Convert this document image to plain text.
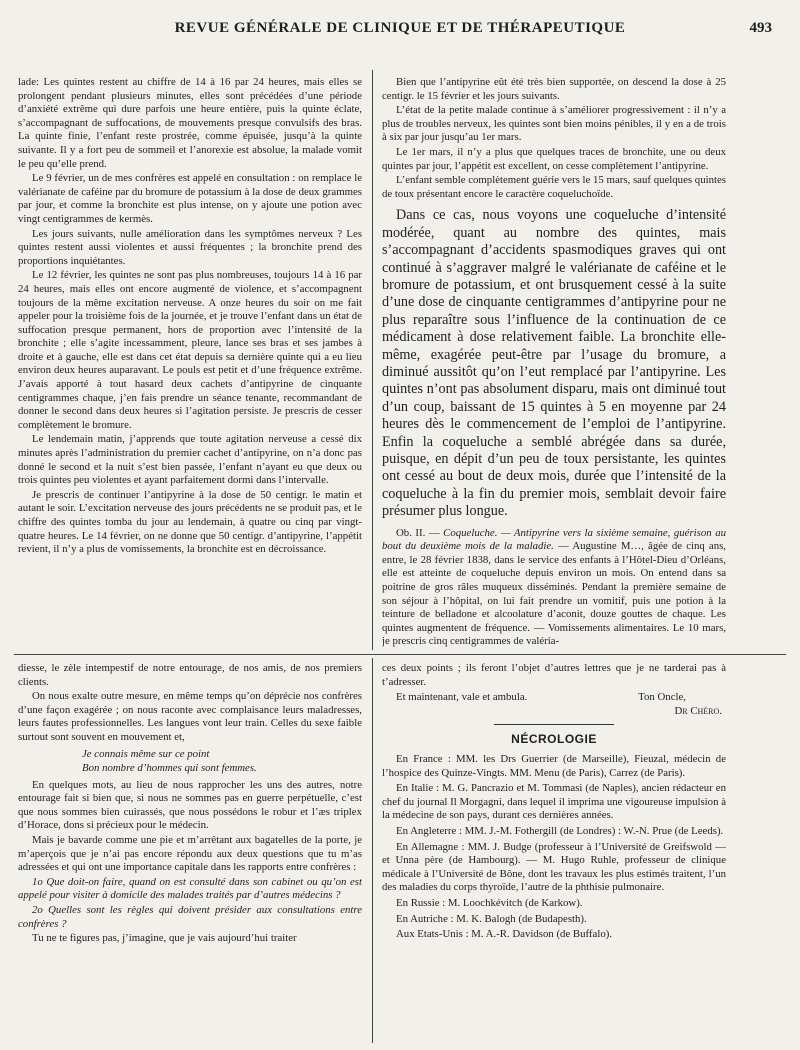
REVUE GÉNÉRALE DE CLINIQUE ET DE THÉRAPEUTIQUE	493

lade: Les quintes restent au chiffre de 14 à 16 par 24 heures, mais elles se prolongent pendant plusieurs minutes, elles sont précédées d’une période d’anxiété extrême qui dure parfois une heure entière, puis la quinte éclate, s’accompagnant de suffocations, de mouvements presque convulsifs des bras. La quinte finie, l’enfant reste prostrée, comme épuisée, jusqu’à la quinte suivante. Il y a fort peu de sommeil et l’anorexie est absolue, la malade vomit le peu qu’elle prend.

Le 9 février, un de mes confrères est appelé en consultation : on remplace le valérianate de caféine par du bromure de potassium à la dose de deux grammes par jour, et comme la bronchite est plus intense, on y ajoute une potion avec vingt centigrammes de kermès.

Les jours suivants, nulle amélioration dans les symptômes nerveux ? Les quintes restent aussi violentes et aussi fréquentes ; la bronchite prend des proportions inquiétantes.

Le 12 février, les quintes ne sont pas plus nombreuses, toujours 14 à 16 par 24 heures, mais elles ont encore augmenté de violence, et s’accompagnent toujours de la même excitation nerveuse. A onze heures du soir on me fait appeler pour la troisième fois de la journée, et je trouve l’enfant dans un état de suffocation presque permanent, hors de proportion avec l’intensité de la bronchite ; elle s’agite incessamment, pleure, lance ses bras et ses jambes à droite et à gauche, elle est dans cet état depuis sa dernière quinte qui a eu lieu environ deux heures auparavant. Le pouls est petit et d’une fréquence extrême. J’avais apporté à tout hasard deux cachets d’antipyrine de cinquante centigrammes chaque, j’en fais prendre un séance tenante, recommandant de donner le second dans deux heures si l’agitation persiste. Je prescris de cesser complètement le bromure.

Le lendemain matin, j’apprends que toute agitation nerveuse a cessé dix minutes après l’administration du premier cachet d’antipyrine, on n’a donc pas donné le second et la nuit s’est bien passée, l’enfant n’ayant eu que deux ou trois quintes peu violentes et ayant parfaitement dormi dans l’intervalle.

Je prescris de continuer l’antipyrine à la dose de 50 centigr. le matin et autant le soir. L’excitation nerveuse des jours précédents ne se produit pas, et le chiffre des quintes tomba du jour au lendemain, à quatre ou cinq par vingt-quatre heures. Le 14 février, on ne donne que 50 centigr. d’antipyrine, l’appétit revient, il n’y a plus de vomissements, la bronchite est en décroissance.

Bien que l’antipyrine eût été très bien supportée, on descend la dose à 25 centigr. le 15 février et les jours suivants.

L’état de la petite malade continue à s’améliorer progressivement : il n’y a plus de troubles nerveux, les quintes sont bien moins pénibles, il y en a de trois à six par jour jusqu’au 1er mars.

Le 1er mars, il n’y a plus que quelques traces de bronchite, une ou deux quintes par jour, l’appétit est excellent, on cesse complètement l’antipyrine.

L’enfant semble complètement guérie vers le 15 mars, sauf quelques quintes de toux présentant encore le caractère coqueluchoïde.

Dans ce cas, nous voyons une coqueluche d’intensité modérée, quant au nombre des quintes, mais s’accompagnant d’accidents spasmodiques graves qui ont continué à s’aggraver malgré le valérianate de caféine et le bromure de potassium, et ont brusquement cessé à la suite d’une dose de cinquante centigrammes d’antipyrine pour ne plus reparaître sous l’influence de la continuation de ce médicament à dose relativement faible. La bronchite elle-même, exagérée peut-être par l’usage du bromure, a diminué aussitôt qu’on l’eut remplacé par l’antipyrine. Les quintes n’ont pas absolument disparu, mais ont diminué tout d’un coup, baissant de 15 quintes à 5 en moyenne par 24 heures dès le commencement de l’emploi de l’antipyrine. Enfin la coqueluche a semblé abrégée dans sa durée, puisque, en dépit d’un peu de toux persistante, les quintes ont cessé au bout de deux mois, durée que l’intensité de la coqueluche à la fin du premier mois, semblait devoir faire présumer plus longue.

Ob. II. — Coqueluche. — Antipyrine vers la sixième semaine, guérison au bout du deuxième mois de la maladie. — Augustine M…, âgée de cinq ans, entre, le 28 février 1838, dans le service des enfants à l’Hôtel-Dieu d’Orléans, elle est atteinte de coqueluche depuis environ un mois. On entend dans sa poitrine de gros râles muqueux disséminés. Pendant la première semaine de son séjour à l’hôpital, on lui fait prendre un vomitif, puis une potion à la teinture de belladone et alcoolature d’aconit, douze gouttes de chaque. Les quintes augmentent de fréquence. — Vomissements alimentaires. Le 10 mars, je prescris cinq centigrammes de valéria-

diesse, le zèle intempestif de notre entourage, de nos amis, de nos premiers clients.

On nous exalte outre mesure, en même temps qu’on déprécie nos confrères d’une façon exagérée ; on nous raconte avec complaisance leurs maladresses, leurs fautes professionnelles. Les langues vont leur train. Celles du sexe faible surtout sont souvent en mouvement et,

Je connais même sur ce point
Bon nombre d’hommes qui sont femmes.

En quelques mots, au lieu de nous rapprocher les uns des autres, notre entourage fait si bien que, si nous ne sommes pas en guerre perpétuelle, c’est que nous sommes bien cuirassés, que nous possédons le robur et l’æs triplex d’Horace, dons si précieux pour le médecin.

Mais je bavarde comme une pie et m’arrêtant aux bagatelles de la porte, je m’aperçois que je n’ai pas encore répondu aux deux questions que tu m’as adressées et qui ont une importance capitale dans les rapports entre confrères :

1o Que doit-on faire, quand on est consulté dans son cabinet ou qu’on est appelé pour visiter à domicile des malades traités par d’autres médecins ?

2o Quelles sont les règles qui doivent présider aux consultations entre confrères ?

Tu ne te figures pas, j’imagine, que je vais aujourd’hui traiter

ces deux points ; ils feront l’objet d’autres lettres que je ne tarderai pas à t’adresser.

Et maintenant, vale et ambula.	Ton Oncle,
Dr Chéro.
NÉCROLOGIE

En France : MM. les Drs Guerrier (de Marseille), Fieuzal, médecin de l’hospice des Quinze-Vingts. MM. Menu (de Paris), Carrez (de Paris).

En Italie : M. G. Pancrazio et M. Tommasi (de Naples), ancien rédacteur en chef du journal Il Morgagni, dans lequel il imprima une vigoureuse impulsion à la médecine de son pays, durant ces dernières années.

En Angleterre : MM. J.-M. Fothergill (de Londres) : W.-N. Prue (de Leeds).

En Allemagne : MM. J. Budge (professeur à l’Université de Greifswold — et Unna père (de Hambourg). — M. Hugo Ruhle, professeur de clinique médicale à l’Université de Bône, dont les travaux les plus estimés traitent, l’un des maladies du corps thyroïde, l’autre de la phthisie pulmonaire.

En Russie : M. Loochkévitch (de Karkow).

En Autriche : M. K. Balogh (de Budapesth).

Aux Etats-Unis : M. A.-R. Davidson (de Buffalo).
